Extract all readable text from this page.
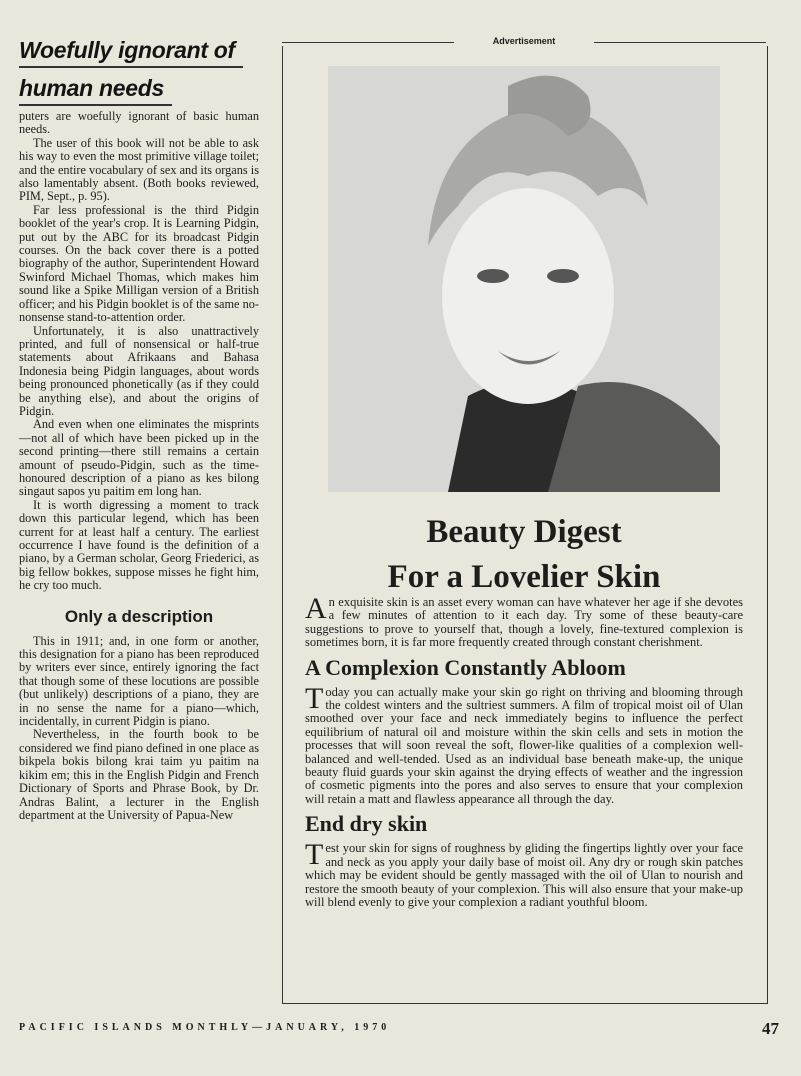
Woefully ignorant of
human needs

puters are woefully ignorant of basic human needs.

The user of this book will not be able to ask his way to even the most primitive village toilet; and the entire vocabulary of sex and its organs is also lamentably absent. (Both books reviewed, PIM, Sept., p. 95).

Far less professional is the third Pidgin booklet of the year's crop. It is Learning Pidgin, put out by the ABC for its broadcast Pidgin courses. On the back cover there is a potted biography of the author, Superintendent Howard Swinford Michael Thomas, which makes him sound like a Spike Milligan version of a British officer; and his Pidgin booklet is of the same no-nonsense stand-to-attention order.

Unfortunately, it is also unattractively printed, and full of nonsensical or half-true statements about Afrikaans and Bahasa Indonesia being Pidgin languages, about words being pronounced phonetically (as if they could be anything else), and about the origins of Pidgin.

And even when one eliminates the misprints—not all of which have been picked up in the second printing—there still remains a certain amount of pseudo-Pidgin, such as the time-honoured description of a piano as kes bilong singaut sapos yu paitim em long han.

It is worth digressing a moment to track down this particular legend, which has been current for at least half a century. The earliest occurrence I have found is the definition of a piano, by a German scholar, Georg Friederici, as big fellow bokkes, suppose misses he fight him, he cry too much.

Only a description

This in 1911; and, in one form or another, this designation for a piano has been reproduced by writers ever since, entirely ignoring the fact that though some of these locutions are possible (but unlikely) descriptions of a piano, they are in no sense the name for a piano—which, incidentally, in current Pidgin is piano.

Nevertheless, in the fourth book to be considered we find piano defined in one place as bikpela bokis bilong krai taim yu paitim na kikim em; this in the English Pidgin and French Dictionary of Sports and Phrase Book, by Dr. Andras Balint, a lecturer in the English department at the University of Papua-New

Advertisement
Beauty Digest
For a Lovelier Skin

An exquisite skin is an asset every woman can have whatever her age if she devotes a few minutes of attention to it each day. Try some of these beauty-care suggestions to prove to yourself that, though a lovely, fine-textured complexion is sometimes born, it is far more frequently created through constant cherishment.

A Complexion Constantly Abloom

Today you can actually make your skin go right on thriving and blooming through the coldest winters and the sultriest summers. A film of tropical moist oil of Ulan smoothed over your face and neck immediately begins to influence the perfect equilibrium of natural oil and moisture within the skin cells and sets in motion the processes that will soon reveal the soft, flower-like qualities of a complexion well-balanced and well-tended. Used as an individual base beneath make-up, the unique beauty fluid guards your skin against the drying effects of weather and the ingression of cosmetic pigments into the pores and also serves to ensure that your complexion will retain a matt and flawless appearance all through the day.

End dry skin

Test your skin for signs of roughness by gliding the fingertips lightly over your face and neck as you apply your daily base of moist oil. Any dry or rough skin patches which may be evident should be gently massaged with the oil of Ulan to nourish and restore the smooth beauty of your complexion. This will also ensure that your make-up will blend evenly to give your complexion a radiant youthful bloom.

PACIFIC ISLANDS MONTHLY—JANUARY, 1970	47
